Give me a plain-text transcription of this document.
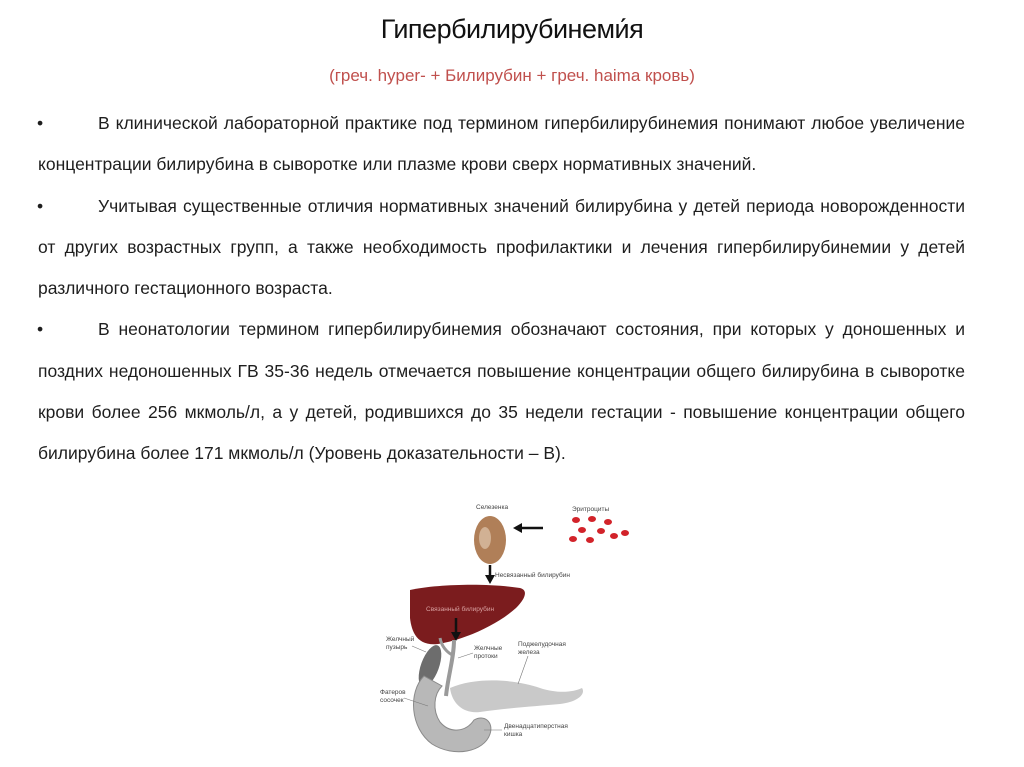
Гипербилирубинеми́я
(греч. hyper- + Билирубин + греч. haima кровь)

•	В клинической лабораторной практике под термином гипербилирубинемия понимают любое увеличение концентрации билирубина в сыворотке или плазме крови сверх нормативных значений.

•	Учитывая существенные отличия нормативных значений билирубина у детей периода новорожденности от других возрастных групп, а также необходимость профилактики и лечения гипербилирубинемии у детей различного гестационного возраста.

•	В неонатологии термином гипербилирубинемия обозначают состояния, при которых у доношенных и поздних недоношенных ГВ 35-36 недель отмечается повышение концентрации общего билирубина в сыворотке крови более 256 мкмоль/л, а у детей, родившихся до 35 недели гестации - повышение концентрации общего билирубина более 171 мкмоль/л (Уровень доказательности – В).

Селезенка	Эритроциты
Несвязанный билирубин
Связанный билирубин
Желчный
пузырь	Желчные
протоки
Поджелудочная
железа
Фатеров
сосочек
Двенадцатиперстная
кишка
